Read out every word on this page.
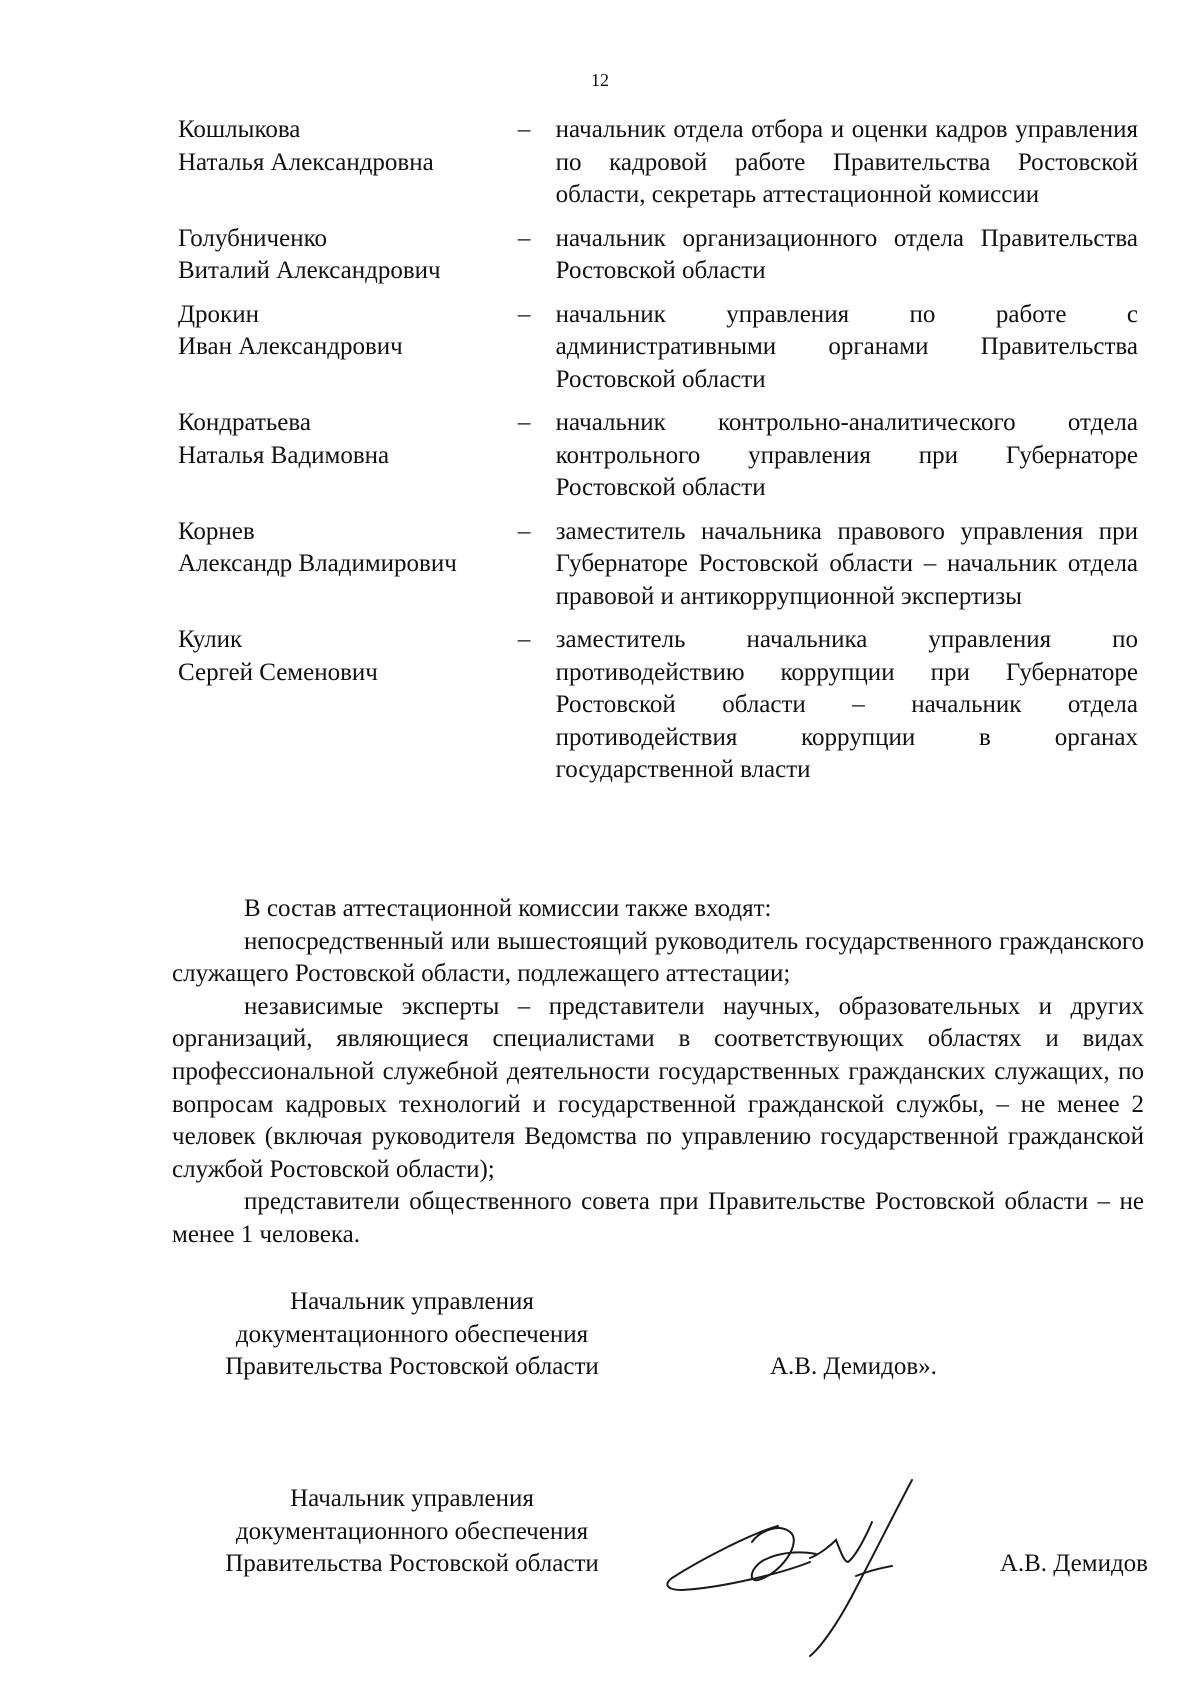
12
Кошлыкова
Наталья Александровна
–	начальник отдела отбора и оценки кадров управления по кадровой работе Правительства Ростовской области, секретарь аттестационной комиссии
Голубниченко
Виталий Александрович
–	начальник организационного отдела Правительства Ростовской области
Дрокин
Иван Александрович
–	начальник управления по работе с административными органами Правительства Ростовской области
Кондратьева
Наталья Вадимовна
–	начальник контрольно-аналитического отдела контрольного управления при Губернаторе Ростовской области
Корнев
Александр Владимирович
–	заместитель начальника правового управления при Губернаторе Ростовской области – начальник отдела правовой и антикоррупционной экспертизы
Кулик
Сергей Семенович
–	заместитель начальника управления по противодействию коррупции при Губернаторе Ростовской области – начальник отдела противодействия коррупции в органах государственной власти

В состав аттестационной комиссии также входят:

непосредственный или вышестоящий руководитель государственного гражданского служащего Ростовской области, подлежащего аттестации;

независимые эксперты – представители научных, образовательных и других организаций, являющиеся специалистами в соответствующих областях и видах профессиональной служебной деятельности государственных гражданских служащих, по вопросам кадровых технологий и государственной гражданской службы, – не менее 2 человек (включая руководителя Ведомства по управлению государственной гражданской службой Ростовской области);

представители общественного совета при Правительстве Ростовской области – не менее 1 человека.

Начальник управления
документационного обеспечения
Правительства Ростовской области	А.В. Демидов».
Начальник управления
документационного обеспечения
Правительства Ростовской области	А.В. Демидов
